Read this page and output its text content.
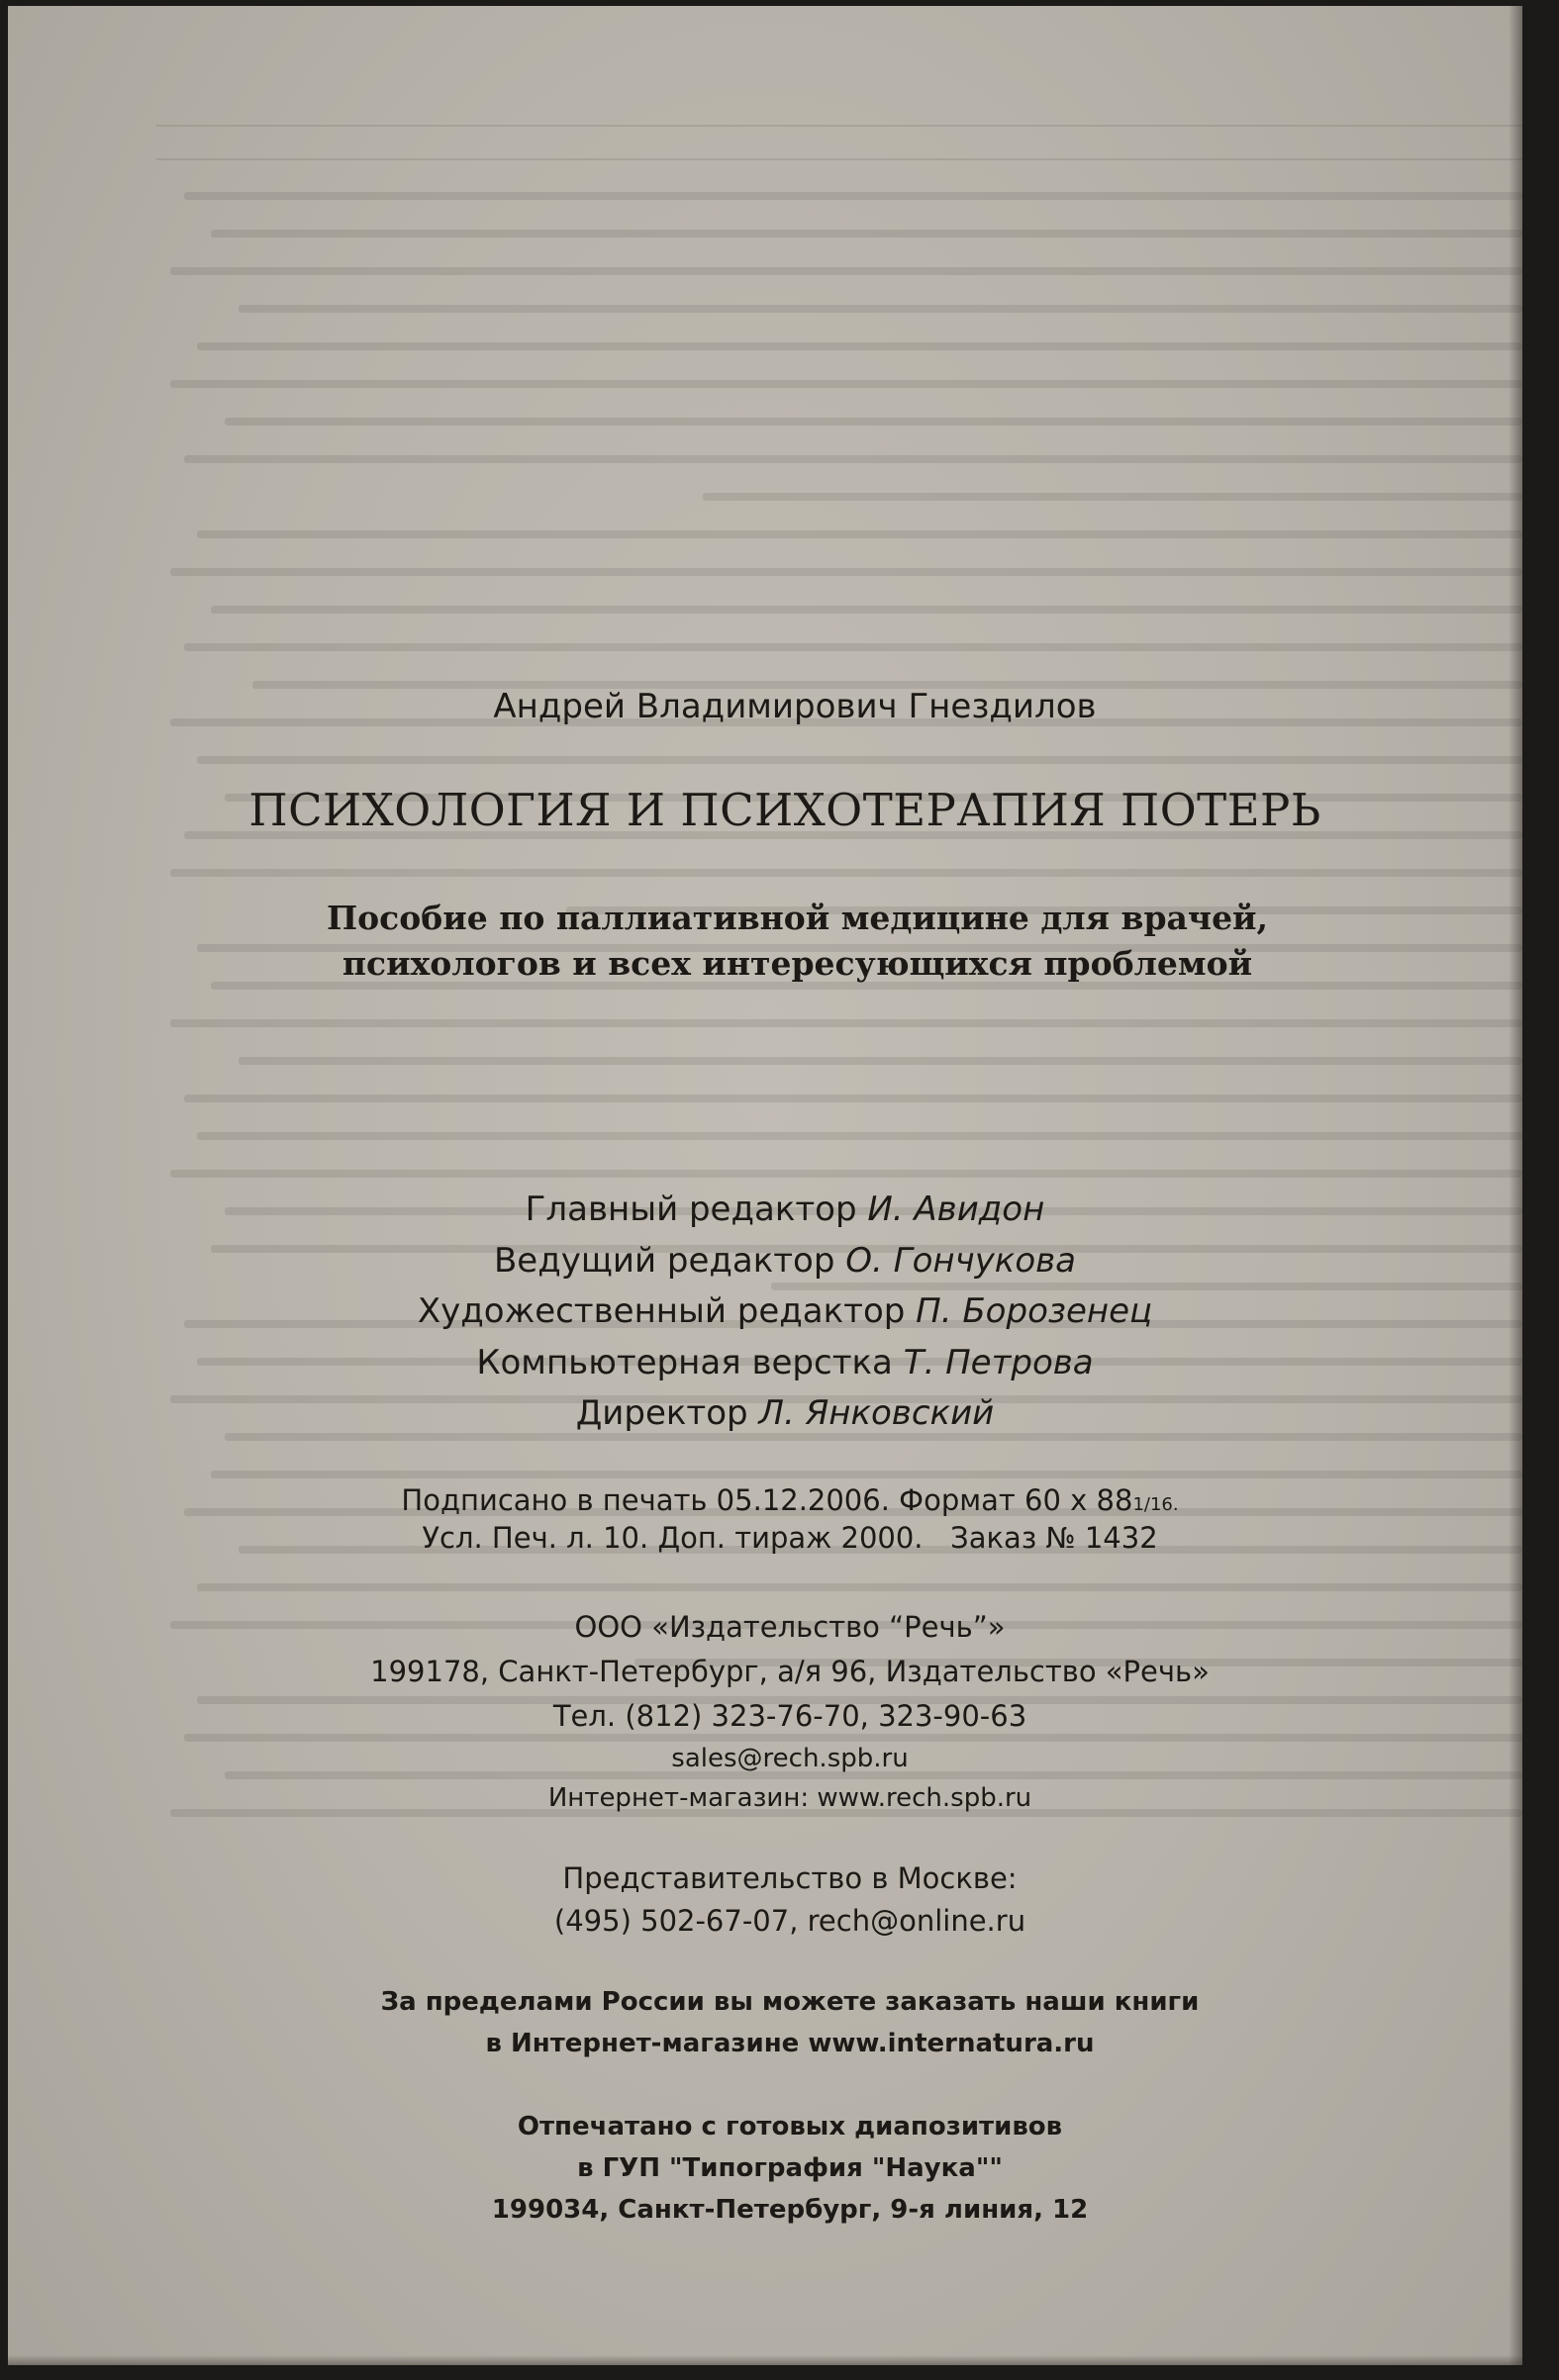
Андрей Владимирович Гнездилов
ПСИХОЛОГИЯ И ПСИХОТЕРАПИЯ ПОТЕРЬ
Пособие по паллиативной медицине для врачей,
психологов и всех интересующихся проблемой
Главный редактор И. Авидон
Ведущий редактор О. Гончукова
Художественный редактор П. Борозенец
Компьютерная верстка Т. Петрова
Директор Л. Янковский
Подписано в печать 05.12.2006. Формат 60 x 881/16.
Усл. Печ. л. 10. Доп. тираж 2000.   Заказ № 1432
ООО «Издательство “Речь”»
199178, Санкт-Петербург, а/я 96, Издательство «Речь»
Тел. (812) 323-76-70, 323-90-63
sales@rech.spb.ru
Интернет-магазин: www.rech.spb.ru
Представительство в Москве:
(495) 502-67-07, rech@online.ru
За пределами России вы можете заказать наши книги
в Интернет-магазине www.internatura.ru
Отпечатано с готовых диапозитивов
в ГУП "Типография "Наука""
199034, Санкт-Петербург, 9-я линия, 12
